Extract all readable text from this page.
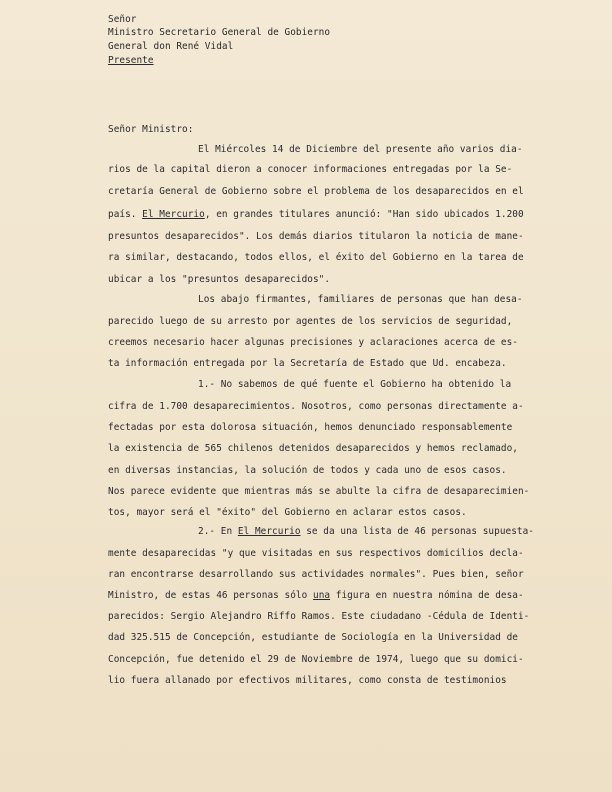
Señor
Ministro Secretario General de Gobierno
General don René Vidal
Presente
Señor Ministro:
El Miércoles 14 de Diciembre del presente año varios dia-
rios de la capital dieron a conocer informaciones entregadas por la Se-
cretaría General de Gobierno sobre el problema de los desaparecidos en el
país. El Mercurio, en grandes titulares anunció: "Han sido ubicados 1.200
presuntos desaparecidos". Los demás diarios titularon la noticia de mane-
ra similar, destacando, todos ellos, el éxito del Gobierno en la tarea de
ubicar a los "presuntos desaparecidos".
Los abajo firmantes, familiares de personas que han desa-
parecido luego de su arresto por agentes de los servicios de seguridad,
creemos necesario hacer algunas precisiones y aclaraciones acerca de es-
ta información entregada por la Secretaría de Estado que Ud. encabeza.
1.- No sabemos de qué fuente el Gobierno ha obtenido la
cifra de 1.700 desaparecimientos. Nosotros, como personas directamente a-
fectadas por esta dolorosa situación, hemos denunciado responsablemente
la existencia de 565 chilenos detenidos desaparecidos y hemos reclamado,
en diversas instancias, la solución de todos y cada uno de esos casos.
Nos parece evidente que mientras más se abulte la cifra de desaparecimien-
tos, mayor será el "éxito" del Gobierno en aclarar estos casos.
2.- En El Mercurio se da una lista de 46 personas supuesta-
mente desaparecidas "y que visitadas en sus respectivos domicilios decla-
ran encontrarse desarrollando sus actividades normales". Pues bien, señor
Ministro, de estas 46 personas sólo una figura en nuestra nómina de desa-
parecidos: Sergio Alejandro Riffo Ramos. Este ciudadano -Cédula de Identi-
dad 325.515 de Concepción, estudiante de Sociología en la Universidad de
Concepción, fue detenido el 29 de Noviembre de 1974, luego que su domici-
lio fuera allanado por efectivos militares, como consta de testimonios
